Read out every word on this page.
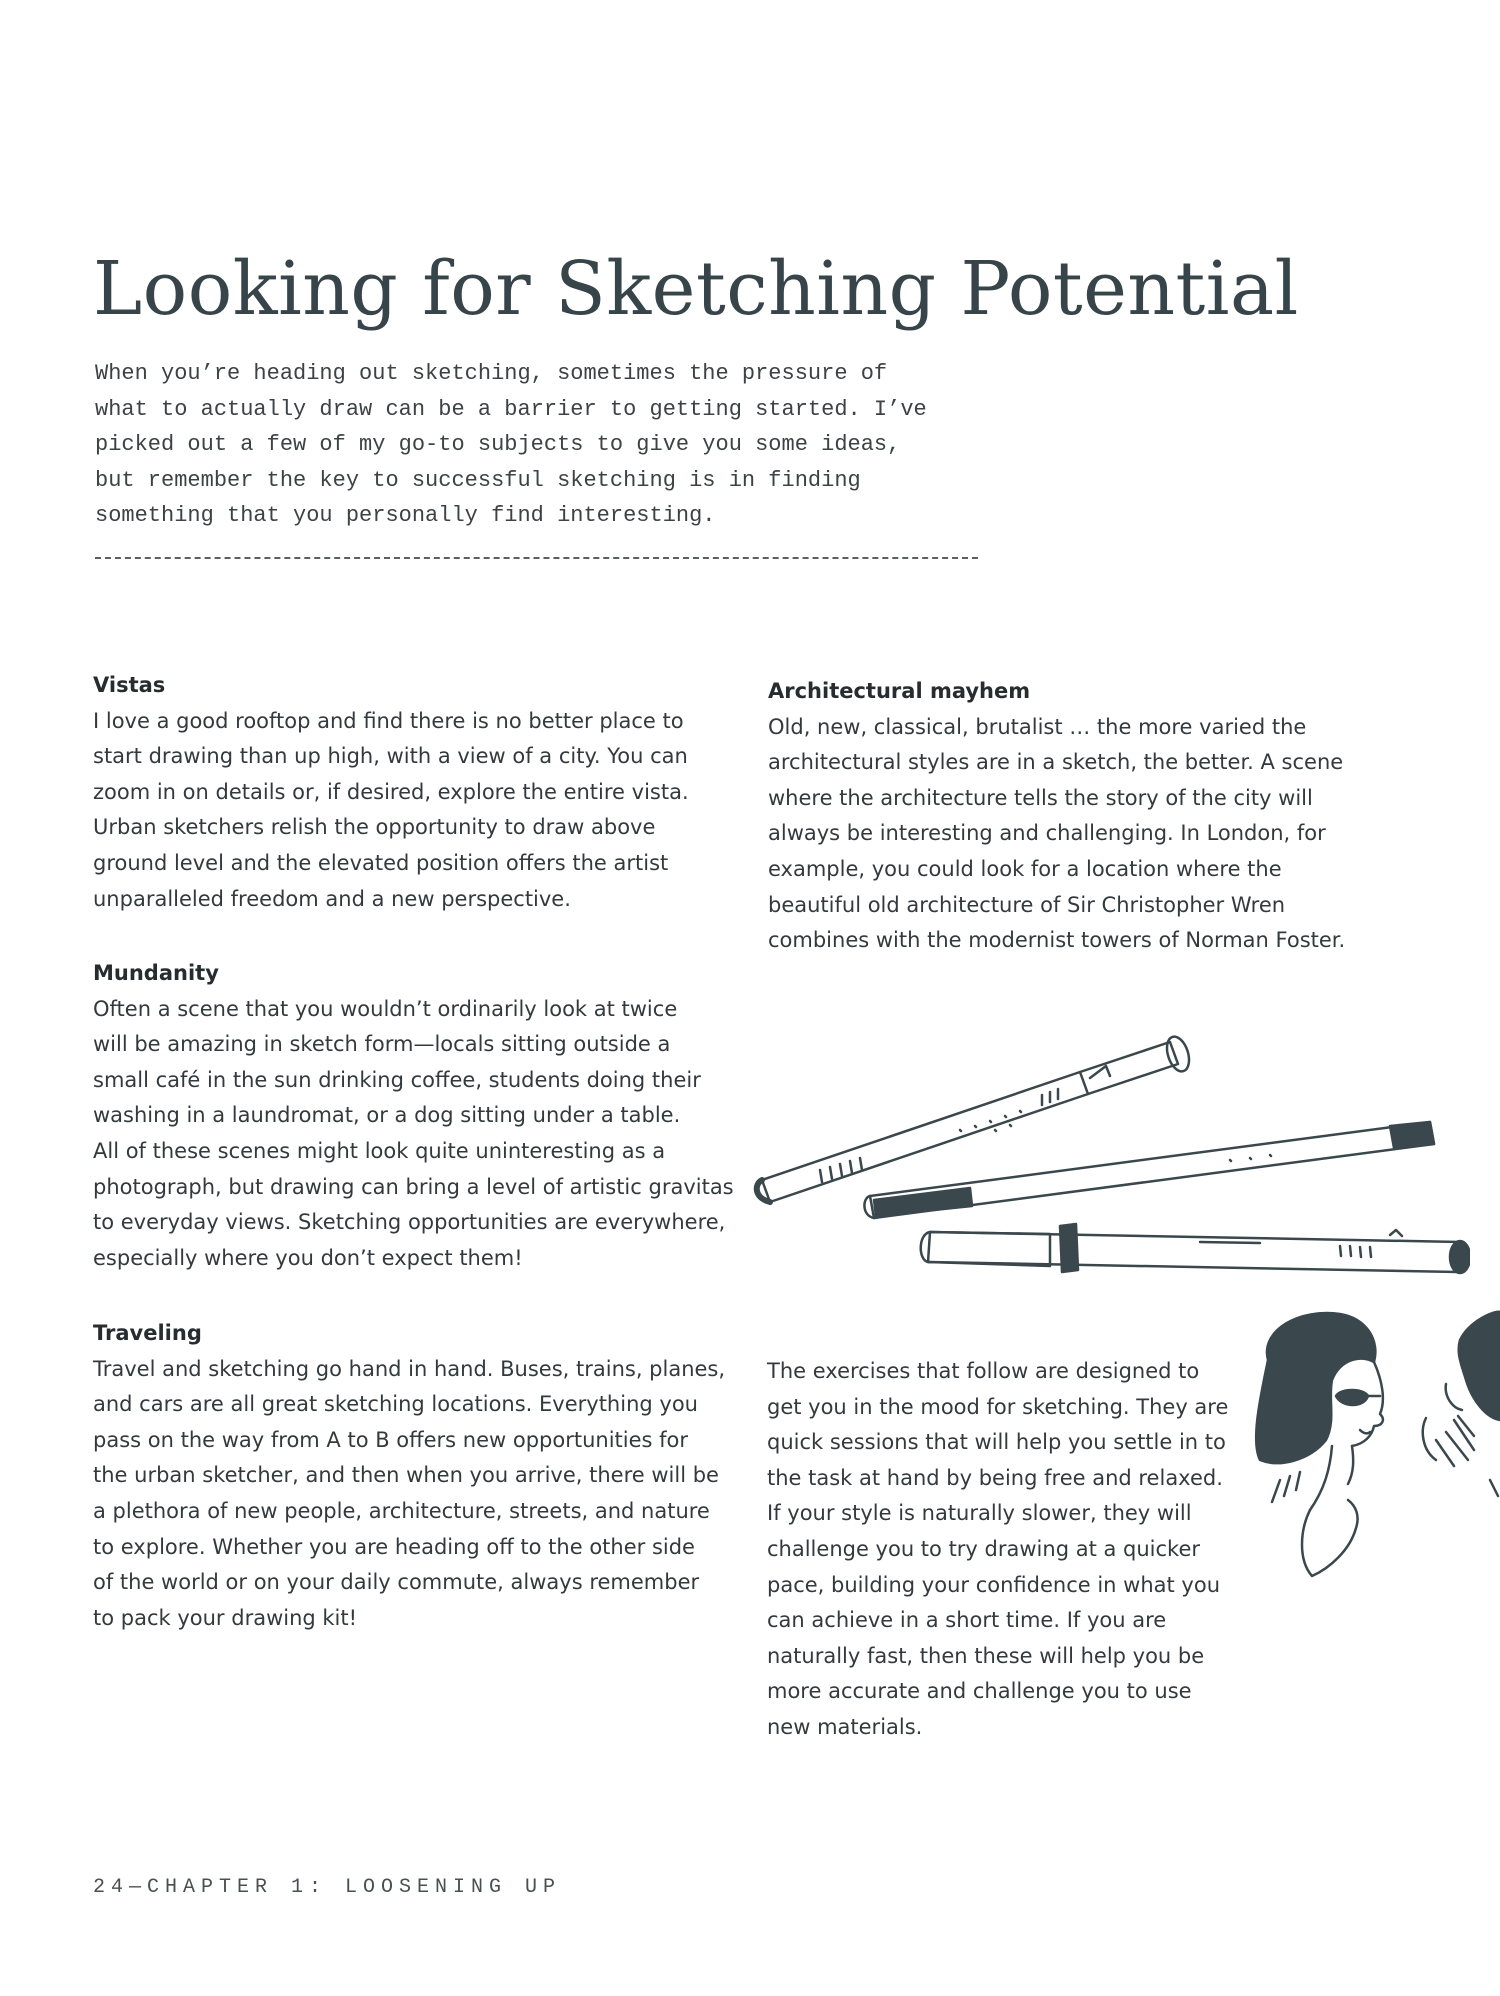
Looking for Sketching Potential
When you’re heading out sketching, sometimes the pressure of
what to actually draw can be a barrier to getting started. I’ve
picked out a few of my go-to subjects to give you some ideas,
but remember the key to successful sketching is in finding
something that you personally find interesting.
Vistas
I love a good rooftop and find there is no better place to
start drawing than up high, with a view of a city. You can
zoom in on details or, if desired, explore the entire vista.
Urban sketchers relish the opportunity to draw above
ground level and the elevated position offers the artist
unparalleled freedom and a new perspective.
Mundanity
Often a scene that you wouldn’t ordinarily look at twice
will be amazing in sketch form—locals sitting outside a
small café in the sun drinking coffee, students doing their
washing in a laundromat, or a dog sitting under a table.
All of these scenes might look quite uninteresting as a
photograph, but drawing can bring a level of artistic gravitas
to everyday views. Sketching opportunities are everywhere,
especially where you don’t expect them!
Traveling
Travel and sketching go hand in hand. Buses, trains, planes,
and cars are all great sketching locations. Everything you
pass on the way from A to B offers new opportunities for
the urban sketcher, and then when you arrive, there will be
a plethora of new people, architecture, streets, and nature
to explore. Whether you are heading off to the other side
of the world or on your daily commute, always remember
to pack your drawing kit!
Architectural mayhem
Old, new, classical, brutalist … the more varied the
architectural styles are in a sketch, the better. A scene
where the architecture tells the story of the city will
always be interesting and challenging. In London, for
example, you could look for a location where the
beautiful old architecture of Sir Christopher Wren
combines with the modernist towers of Norman Foster.
The exercises that follow are designed to
get you in the mood for sketching. They are
quick sessions that will help you settle in to
the task at hand by being free and relaxed.
If your style is naturally slower, they will
challenge you to try drawing at a quicker
pace, building your confidence in what you
can achieve in a short time. If you are
naturally fast, then these will help you be
more accurate and challenge you to use
new materials.
24—CHAPTER 1: LOOSENING UP
